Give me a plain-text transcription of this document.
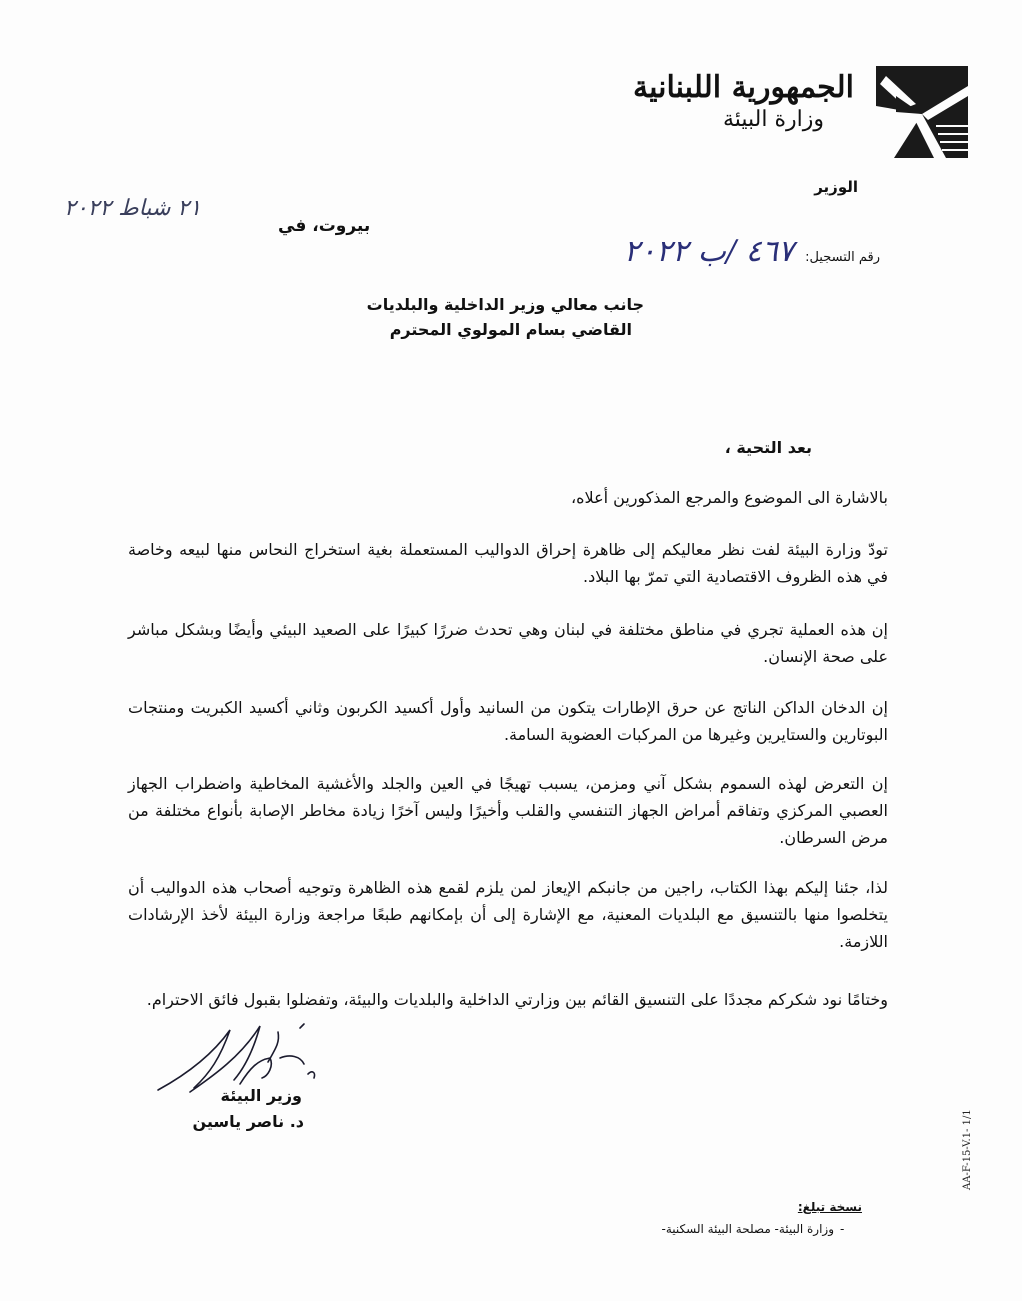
الجمهورية اللبنانية
وزارة البيئة
الوزير
٢١ شباط ٢٠٢٢
بيروت، في
رقم التسجيل: ٤٦٧ /ب ٢٠٢٢
جانب معالي وزير الداخلية والبلديات
القاضي بسام المولوي المحترم
بعد التحية ،
بالاشارة الى الموضوع والمرجع المذكورين أعلاه،
تودّ وزارة البيئة لفت نظر معاليكم إلى ظاهرة إحراق الدواليب المستعملة بغية استخراج النحاس منها لبيعه وخاصة في هذه الظروف الاقتصادية التي تمرّ بها البلاد.
إن هذه العملية تجري في مناطق مختلفة في لبنان وهي تحدث ضررًا كبيرًا على الصعيد البيئي وأيضًا وبشكل مباشر على صحة الإنسان.
إن الدخان الداكن الناتج عن حرق الإطارات يتكون من السانيد وأول أكسيد الكربون وثاني أكسيد الكبريت ومنتجات البوتارين والستايرين وغيرها من المركبات العضوية السامة.
إن التعرض لهذه السموم بشكل آني ومزمن، يسبب تهيجًا في العين والجلد والأغشية المخاطية واضطراب الجهاز العصبي المركزي وتفاقم أمراض الجهاز التنفسي والقلب وأخيرًا وليس آخرًا زيادة مخاطر الإصابة بأنواع مختلفة من مرض السرطان.
لذا، جئنا إليكم بهذا الكتاب، راجين من جانبكم الإيعاز لمن يلزم لقمع هذه الظاهرة وتوجيه أصحاب هذه الدواليب أن يتخلصوا منها بالتنسيق مع البلديات المعنية، مع الإشارة إلى أن بإمكانهم طبعًا مراجعة وزارة البيئة لأخذ الإرشادات اللازمة.
وختامًا نود شكركم مجددًا على التنسيق القائم بين وزارتي الداخلية والبلديات والبيئة، وتفضلوا بقبول فائق الاحترام.
وزير البيئة
د. ناصر ياسين	AA-F-15-V.1- 1/1
نسخة تبلغ:
وزارة البيئة- مصلحة البيئة السكنية- -
